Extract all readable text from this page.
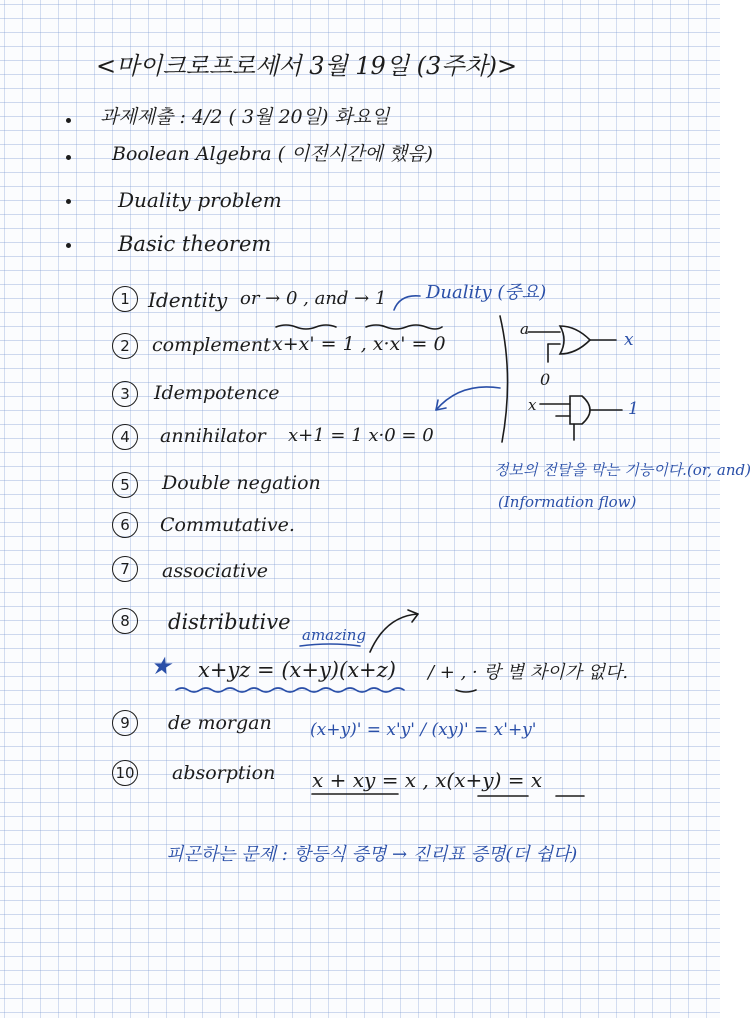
<마이크로프로세서 3월 19일 (3주차)>
과제제출 : 4/2 ( 3월 20일) 화요일
Boolean Algebra ( 이전시간에 했음)
Duality problem
Basic theorem
1 Identity or → 0 , and → 1 Duality (중요)
2	complement x+x' = 1 , x·x' = 0
3	Idempotence
4	annihilator x+1 = 1 x·0 = 0
a
x
0
x	1
정보의 전달을 막는 기능이다.(or, and)
(Information flow)
5	Double negation
6	Commutative.
7	associative
8	distributive
amazing
★ x+yz = (x+y)(x+z) / + , · 랑 별 차이가 없다.
9	de morgan (x+y)' = x'y' / (xy)' = x'+y'
10 absorption x + xy = x , x(x+y) = x
피곤하는 문제 : 항등식 증명 → 진리표 증명(더 쉽다)
